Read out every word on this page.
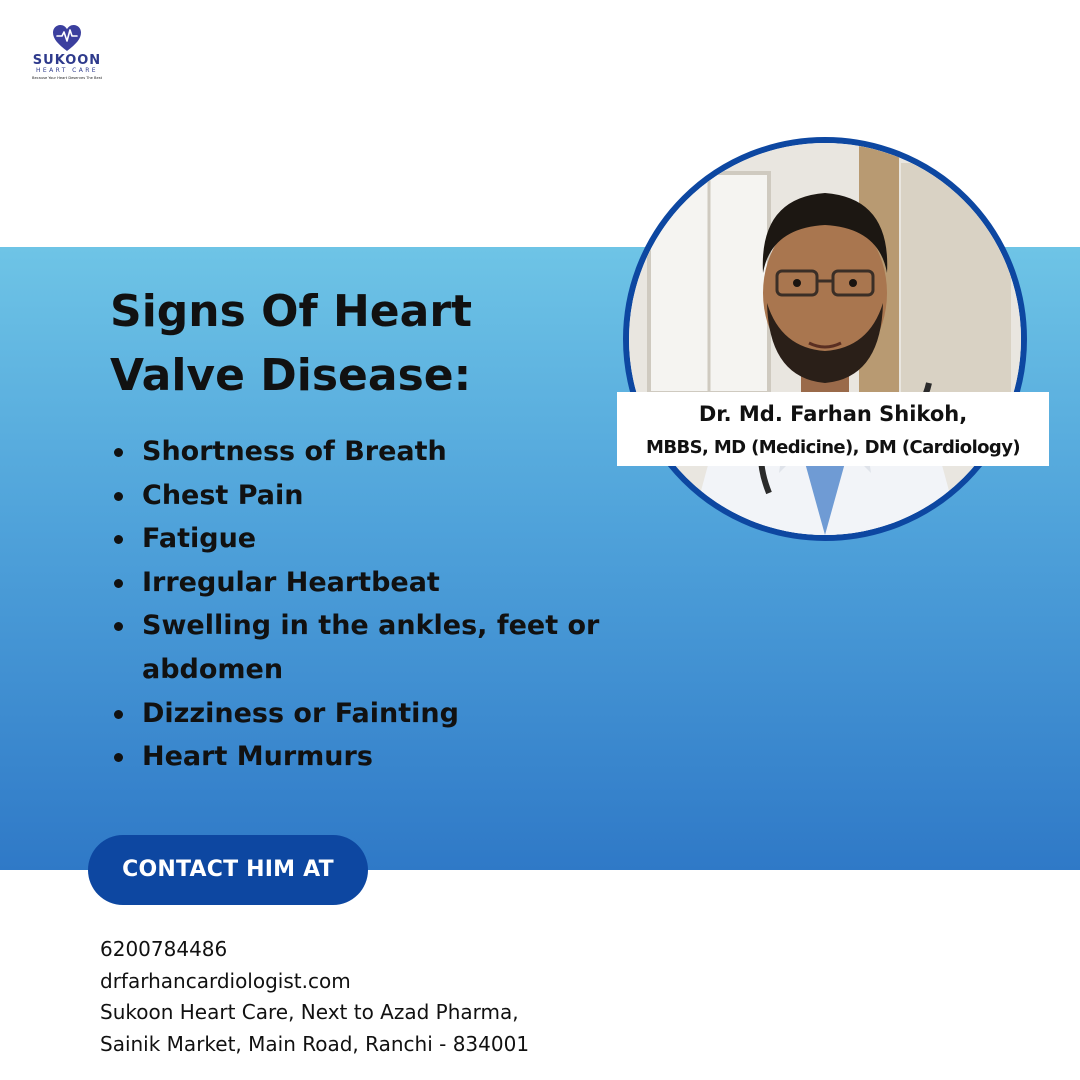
SUKOON
HEART CARE
Because Your Heart Deserves The Best
Signs Of Heart
Valve Disease:
Shortness of Breath
Chest Pain
Fatigue
Irregular Heartbeat
Swelling in the ankles, feet or abdomen
Dizziness or Fainting
Heart Murmurs
Dr. Md. Farhan Shikoh,
MBBS, MD (Medicine), DM (Cardiology)
CONTACT HIM AT
6200784486
drfarhancardiologist.com
Sukoon Heart Care, Next to Azad Pharma,
Sainik Market, Main Road, Ranchi - 834001
